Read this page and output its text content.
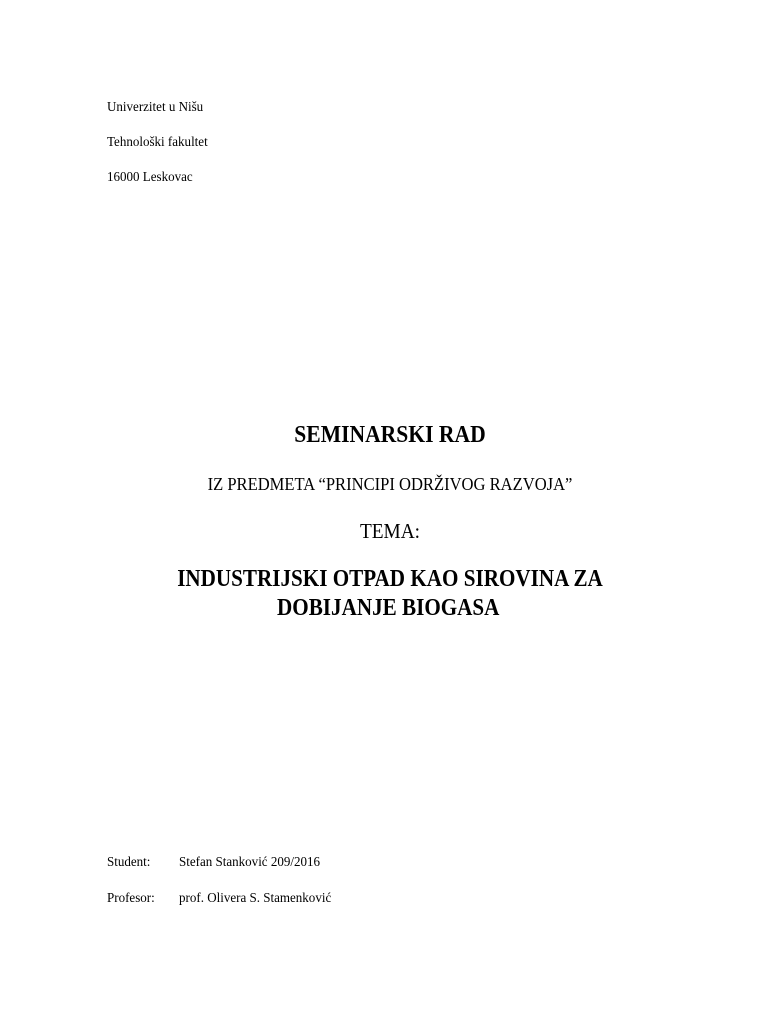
Univerzitet u Nišu
Tehnološki fakultet
16000 Leskovac
SEMINARSKI RAD
IZ PREDMETA “PRINCIPI ODRŽIVOG RAZVOJA”
TEMA:
INDUSTRIJSKI OTPAD KAO SIROVINA ZA
DOBIJANJE BIOGASA
Student: Stefan Stanković 209/2016
Profesor: prof. Olivera S. Stamenković
